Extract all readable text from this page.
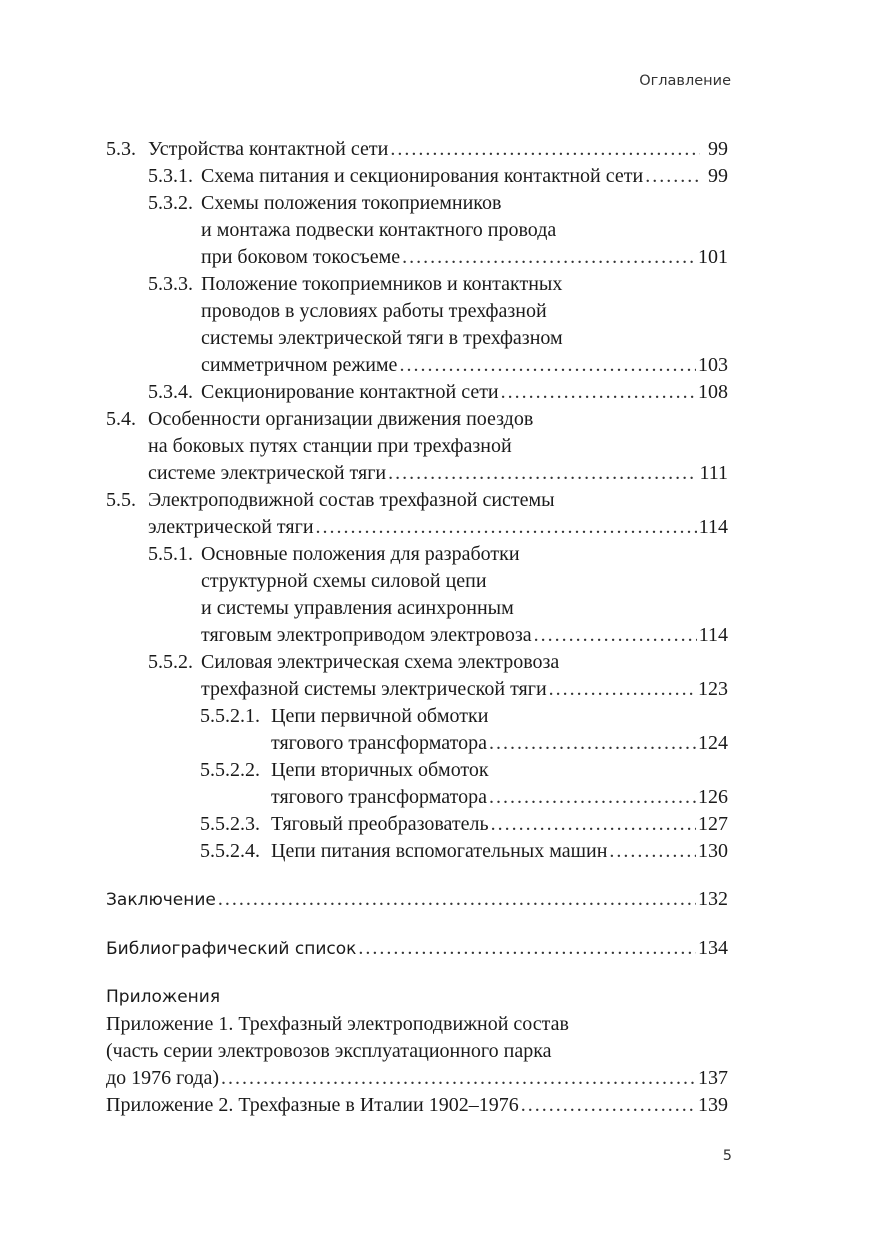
Оглавление
5.3. Устройства контактной сети . . .	99
5.3.1. Схема питания и секционирования контактной сети . . .	99
5.3.2. Схемы положения токоприемников
и монтажа подвески контактного провода
при боковом токосъеме . . .	101
5.3.3. Положение токоприемников и контактных
проводов в условиях работы трехфазной
системы электрической тяги в трехфазном
симметричном режиме . . .	103
5.3.4. Секционирование контактной сети . . .	108
5.4. Особенности организации движения поездов
на боковых путях станции при трехфазной
системе электрической тяги . . .	111
5.5. Электроподвижной состав трехфазной системы
электрической тяги . . .	114
5.5.1. Основные положения для разработки
структурной схемы силовой цепи
и системы управления асинхронным
тяговым электроприводом электровоза . . .	114
5.5.2. Силовая электрическая схема электровоза
трехфазной системы электрической тяги . . .	123
5.5.2.1. Цепи первичной обмотки
тягового трансформатора . . .	124
5.5.2.2. Цепи вторичных обмоток
тягового трансформатора . . .	126
5.5.2.3. Тяговый преобразователь . . .	127
5.5.2.4. Цепи питания вспомогательных машин . . .	130
Заключение . . .	132
Библиографический список . . .	134
Приложения
Приложение 1. Трехфазный электроподвижной состав
(часть серии электровозов эксплуатационного парка
до 1976 года) . . .	137
Приложение 2. Трехфазные в Италии 1902–1976 . . .	139
5
